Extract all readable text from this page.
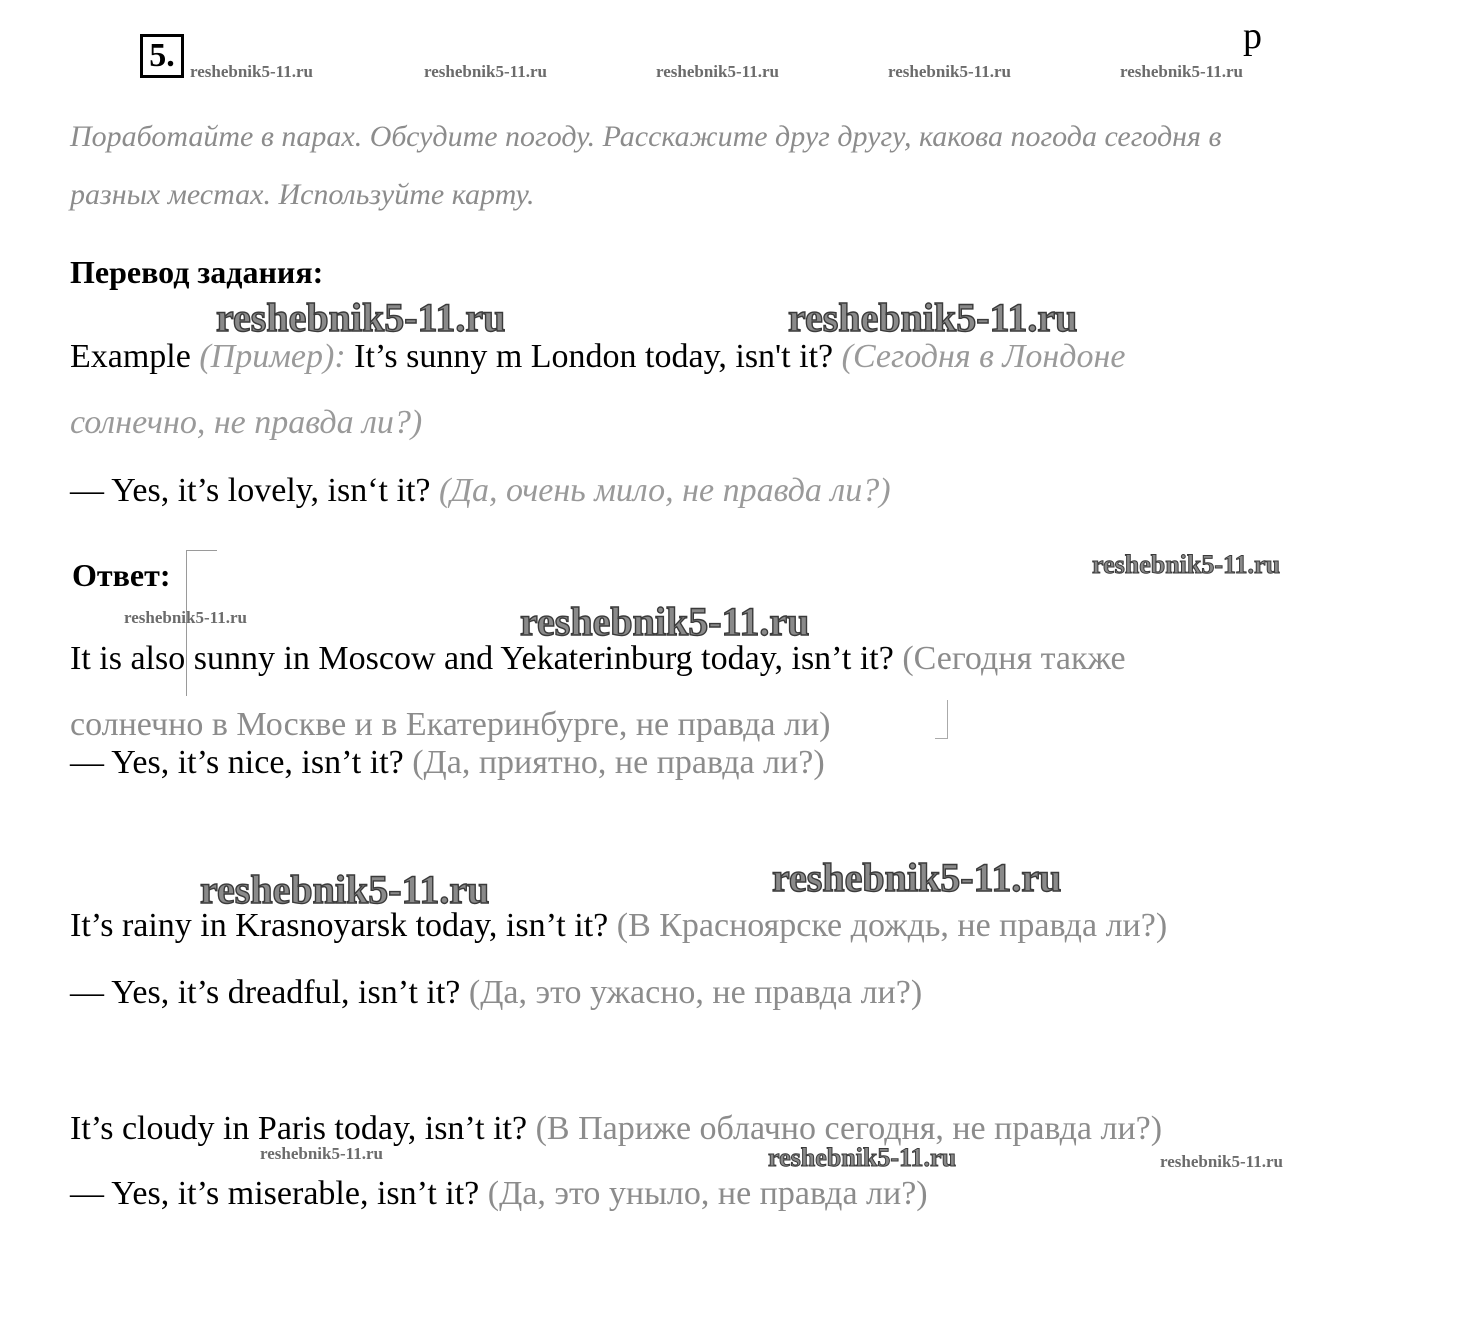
5.	р
reshebnik5-11.ru	reshebnik5-11.ru	reshebnik5-11.ru	reshebnik5-11.ru	reshebnik5-11.ru
Поработайте в парах. Обсудите погоду. Расскажите друг другу, какова погода сегодня в
разных местах. Используйте карту.
Перевод задания:
reshebnik5-11.ru	reshebnik5-11.ru
Example (Пример): It’s sunny m London today, isn't it? (Сегодня в Лондоне
солнечно, не правда ли?)
— Yes, it’s lovely, isn‘t it? (Да, очень мило, не правда ли?)
Ответ:	reshebnik5-11.ru
reshebnik5-11.ru	reshebnik5-11.ru
It is also sunny in Moscow and Yekaterinburg today, isn’t it? (Сегодня также
солнечно в Москве и в Екатеринбурге, не правда ли)
— Yes, it’s nice, isn’t it? (Да, приятно, не правда ли?)
reshebnik5-11.ru	reshebnik5-11.ru
It’s rainy in Krasnoyarsk today, isn’t it? (В Красноярске дождь, не правда ли?)
— Yes, it’s dreadful, isn’t it? (Да, это ужасно, не правда ли?)
It’s cloudy in Paris today, isn’t it? (В Париже облачно сегодня, не правда ли?)
reshebnik5-11.ru	reshebnik5-11.ru	reshebnik5-11.ru
— Yes, it’s miserable, isn’t it? (Да, это уныло, не правда ли?)
